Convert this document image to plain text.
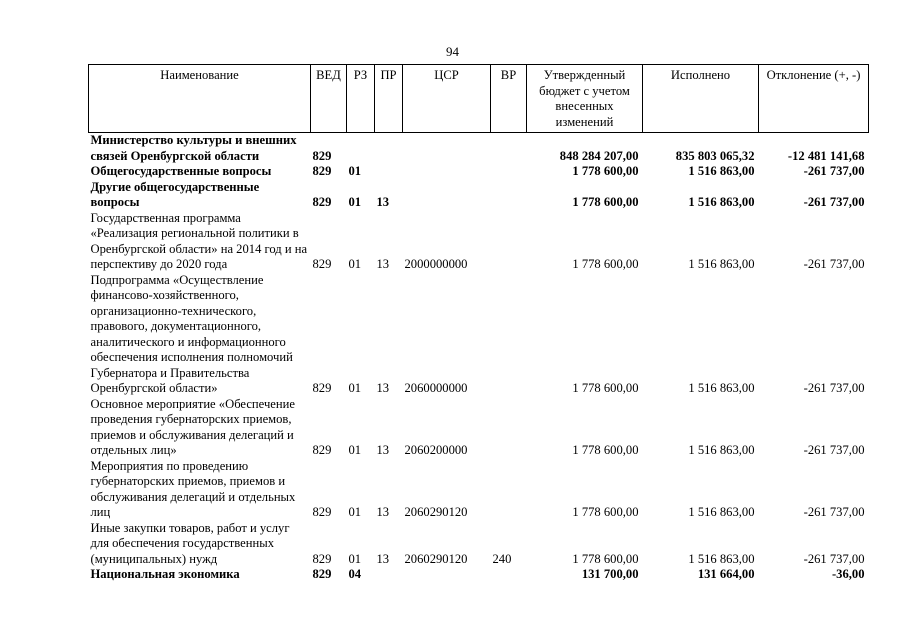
94
Наименование	ВЕД	РЗ	ПР	ЦСР	ВР	Утвержденный бюджет с учетом внесенных изменений	Исполнено	Отклонение (+, -)
Министерство культуры и внешних связей Оренбургской области	829					848 284 207,00	835 803 065,32	-12 481 141,68
Общегосударственные вопросы	829	01				1 778 600,00	1 516 863,00	-261 737,00
Другие общегосударственные вопросы	829	01	13			1 778 600,00	1 516 863,00	-261 737,00
Государственная программа «Реализация региональной политики в Оренбургской области» на 2014 год и на перспективу до 2020 года	829	01	13	2000000000		1 778 600,00	1 516 863,00	-261 737,00
Подпрограмма «Осуществление финансово-хозяйственного, организационно-технического, правового, документационного, аналитического и информационного обеспечения исполнения полномочий Губернатора и Правительства Оренбургской области»	829	01	13	2060000000		1 778 600,00	1 516 863,00	-261 737,00
Основное мероприятие «Обеспечение проведения губернаторских приемов, приемов и обслуживания делегаций и отдельных лиц»	829	01	13	2060200000		1 778 600,00	1 516 863,00	-261 737,00
Мероприятия по проведению губернаторских приемов, приемов и обслуживания делегаций и отдельных лиц	829	01	13	2060290120		1 778 600,00	1 516 863,00	-261 737,00
Иные закупки товаров, работ и услуг для обеспечения государственных (муниципальных) нужд	829	01	13	2060290120	240	1 778 600,00	1 516 863,00	-261 737,00
Национальная экономика	829	04				131 700,00	131 664,00	-36,00
